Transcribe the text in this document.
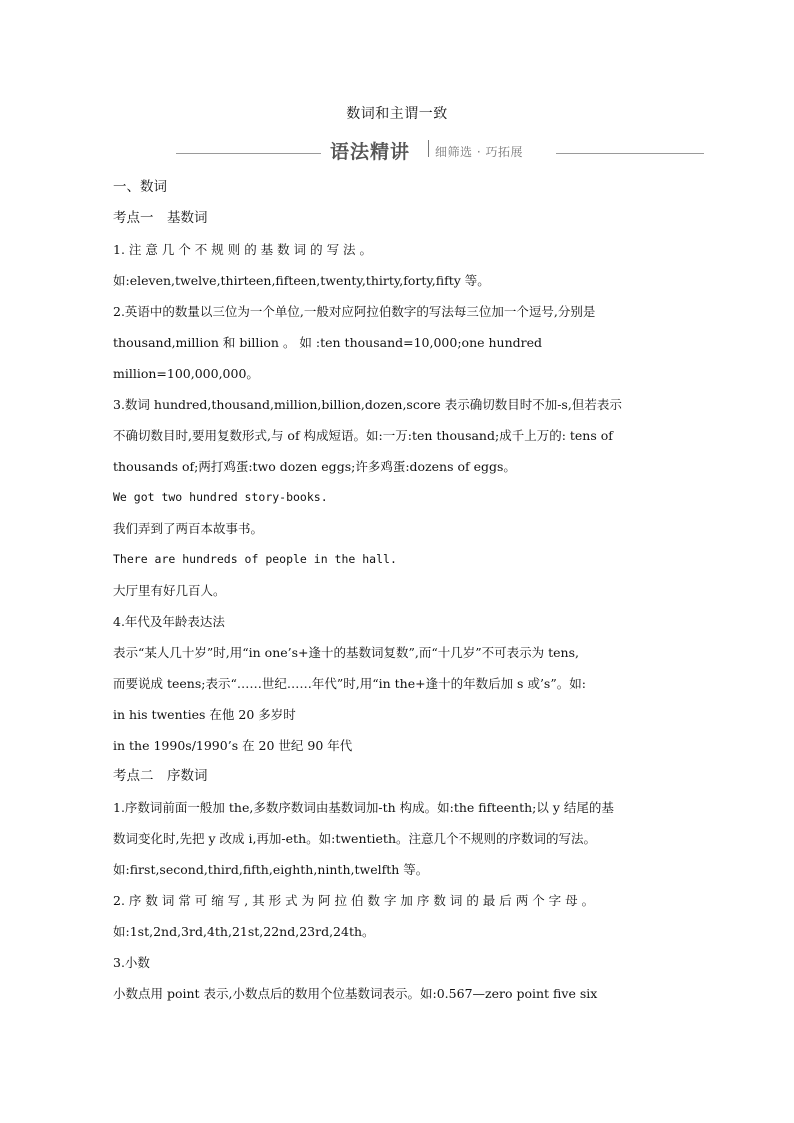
数词和主谓一致
语法精讲 细筛选 · 巧拓展
一、数词
考点一　基数词
1. 注 意 几 个 不 规 则 的 基 数 词 的 写 法 。
如:eleven,twelve,thirteen,fifteen,twenty,thirty,forty,fifty 等。
2.英语中的数量以三位为一个单位,一般对应阿拉伯数字的写法每三位加一个逗号,分别是
thousand,million 和 billion 。 如 :ten thousand=10,000;one hundred
million=100,000,000。
3.数词 hundred,thousand,million,billion,dozen,score 表示确切数目时不加-s,但若表示
不确切数目时,要用复数形式,与 of 构成短语。如:一万:ten thousand;成千上万的: tens of
thousands of;两打鸡蛋:two dozen eggs;许多鸡蛋:dozens of eggs。
We got two hundred story-books.
我们弄到了两百本故事书。
There are hundreds of people in the hall.
大厅里有好几百人。
4.年代及年龄表达法
表示“某人几十岁”时,用“in one’s+逢十的基数词复数”,而“十几岁”不可表示为 tens,
而要说成 teens;表示“……世纪……年代”时,用“in the+逢十的年数后加 s 或’s”。如:
in his twenties 在他 20 多岁时
in the 1990s/1990’s 在 20 世纪 90 年代
考点二　序数词
1.序数词前面一般加 the,多数序数词由基数词加-th 构成。如:the fifteenth;以 y 结尾的基
数词变化时,先把 y 改成 i,再加-eth。如:twentieth。注意几个不规则的序数词的写法。
如:first,second,third,fifth,eighth,ninth,twelfth 等。
2. 序 数 词 常 可 缩 写 , 其 形 式 为 阿 拉 伯 数 字 加 序 数 词 的 最 后 两 个 字 母 。
如:1st,2nd,3rd,4th,21st,22nd,23rd,24th。
3.小数
小数点用 point 表示,小数点后的数用个位基数词表示。如:0.567—zero point five six
